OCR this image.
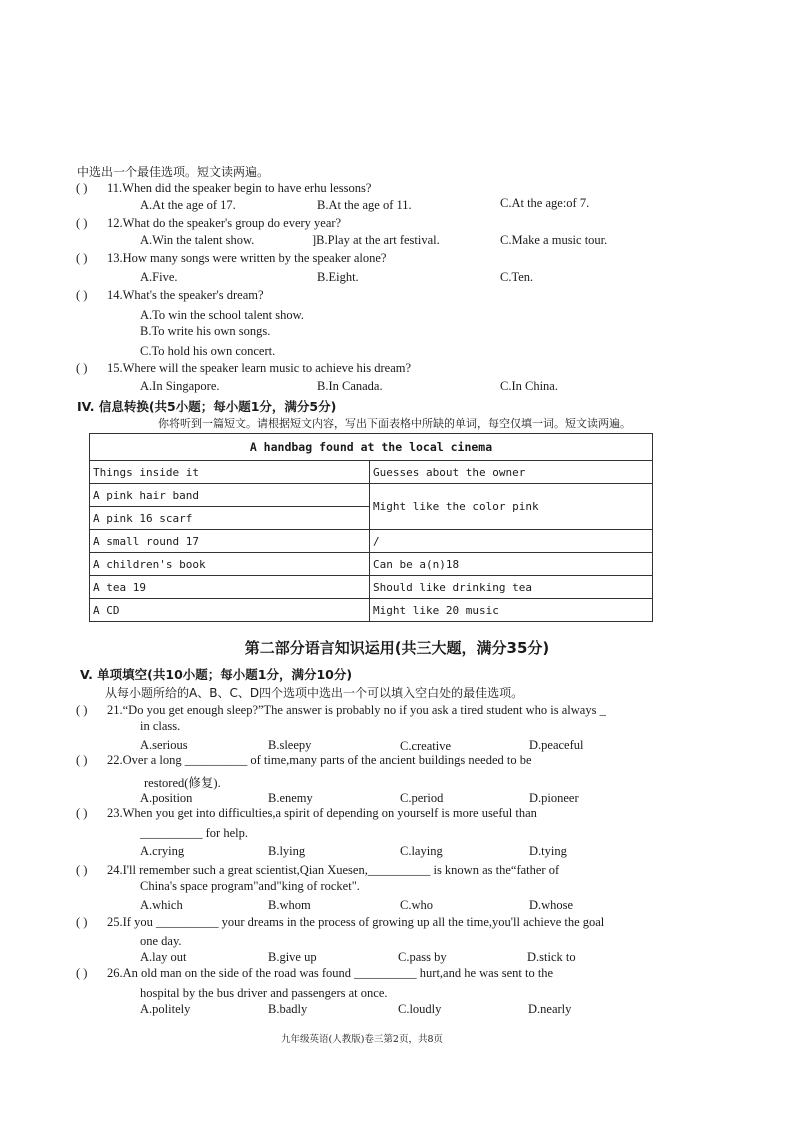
中选出一个最佳选项。短文读两遍。
( ) 11.When did the speaker begin to have erhu lessons?
A.At the age of 17.	B.At the age of 11.	C.At the age:of 7.
( ) 12.What do the speaker's group do every year?
A.Win the talent show.	]B.Play at the art festival.	C.Make a music tour.
( ) 13.How many songs were written by the speaker alone?
A.Five.	B.Eight.	C.Ten.
( ) 14.What's the speaker's dream?
A.To win the school talent show.
B.To write his own songs.
C.To hold his own concert.
( ) 15.Where will the speaker learn music to achieve his dream?
A.In Singapore.	B.In Canada.	C.In China.
IV. 信息转换(共5小题；每小题1分，满分5分)
你将听到一篇短文。请根据短文内容，写出下面表格中所缺的单词，每空仅填一词。短文读两遍。
A handbag found at the local cinema	
Things inside it	Guesses about the owner
A pink hair band	Might like the color pink
A pink 16 scarf	
A small round 17	/
A children's book	Can be a(n)18
A tea 19	Should like drinking tea
A CD	Might like 20 music
第二部分语言知识运用(共三大题，满分35分)
V. 单项填空(共10小题；每小题1分，满分10分)
从每小题所给的A、B、C、D四个选项中选出一个可以填入空白处的最佳选项。
( ) 21.“Do you get enough sleep?”The answer is probably no if you ask a tired student who is always _
in class.
A.serious	B.sleepy	C.creative	D.peaceful
( ) 22.Over a long __________ of time,many parts of the ancient buildings needed to be
restored(修复).
A.position	B.enemy	C.period	D.pioneer
( ) 23.When you get into difficulties,a spirit of depending on yourself is more useful than
__________ for help.
A.crying	B.lying	C.laying	D.tying
( ) 24.I'll remember such a great scientist,Qian Xuesen,__________ is known as the“father of
China's space program"and"king of rocket".
A.which	B.whom	C.who	D.whose
( ) 25.If you __________ your dreams in the process of growing up all the time,you'll achieve the goal
one day.
A.lay out	B.give up	C.pass by	D.stick to
( ) 26.An old man on the side of the road was found __________ hurt,and he was sent to the
hospital by the bus driver and passengers at once.
A.politely	B.badly	C.loudly	D.nearly
九年级英语(人教版)卷三第2页，共8页
